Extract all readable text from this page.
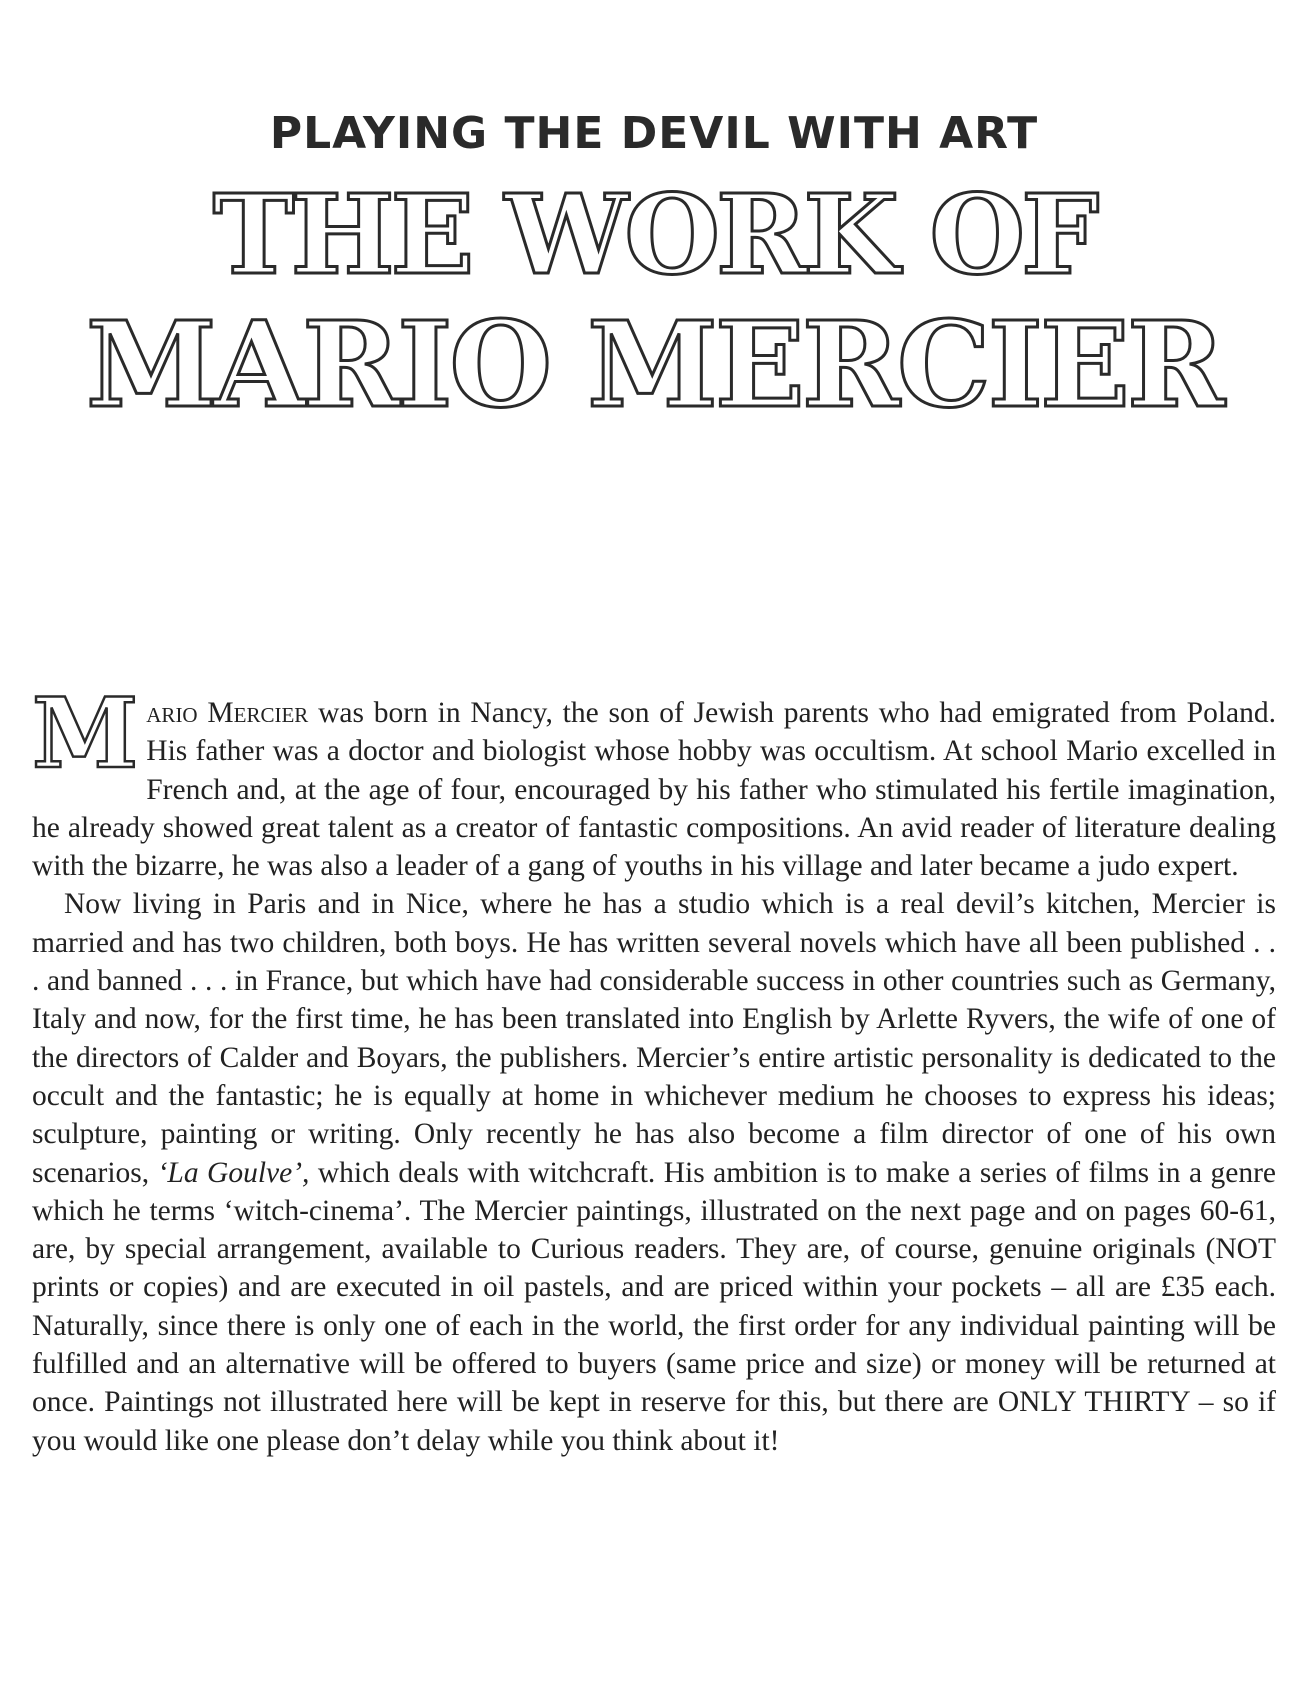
PLAYING THE DEVIL WITH ART
THE WORK OF
MARIO MERCIER

Mario Mercier was born in Nancy, the son of Jewish parents who had emigrated from Poland. His father was a doctor and biologist whose hobby was occultism. At school Mario excelled in French and, at the age of four, encouraged by his father who stimulated his fertile imagination, he already showed great talent as a creator of fantastic compositions. An avid reader of literature dealing with the bizarre, he was also a leader of a gang of youths in his village and later became a judo expert.

Now living in Paris and in Nice, where he has a studio which is a real devil’s kitchen, Mercier is married and has two children, both boys. He has written several novels which have all been published . . . and banned . . . in France, but which have had considerable success in other countries such as Germany, Italy and now, for the first time, he has been translated into English by Arlette Ryvers, the wife of one of the directors of Calder and Boyars, the publishers. Mercier’s entire artistic personality is dedicated to the occult and the fantastic; he is equally at home in whichever medium he chooses to express his ideas; sculpture, painting or writing. Only recently he has also become a film director of one of his own scenarios, ‘La Goulve’, which deals with witchcraft. His ambition is to make a series of films in a genre which he terms ‘witch-cinema’. The Mercier paintings, illustrated on the next page and on pages 60-61, are, by special arrangement, available to Curious readers. They are, of course, genuine originals (NOT prints or copies) and are executed in oil pastels, and are priced within your pockets – all are £35 each. Naturally, since there is only one of each in the world, the first order for any individual painting will be fulfilled and an alternative will be offered to buyers (same price and size) or money will be returned at once. Paintings not illustrated here will be kept in reserve for this, but there are ONLY THIRTY – so if you would like one please don’t delay while you think about it!
